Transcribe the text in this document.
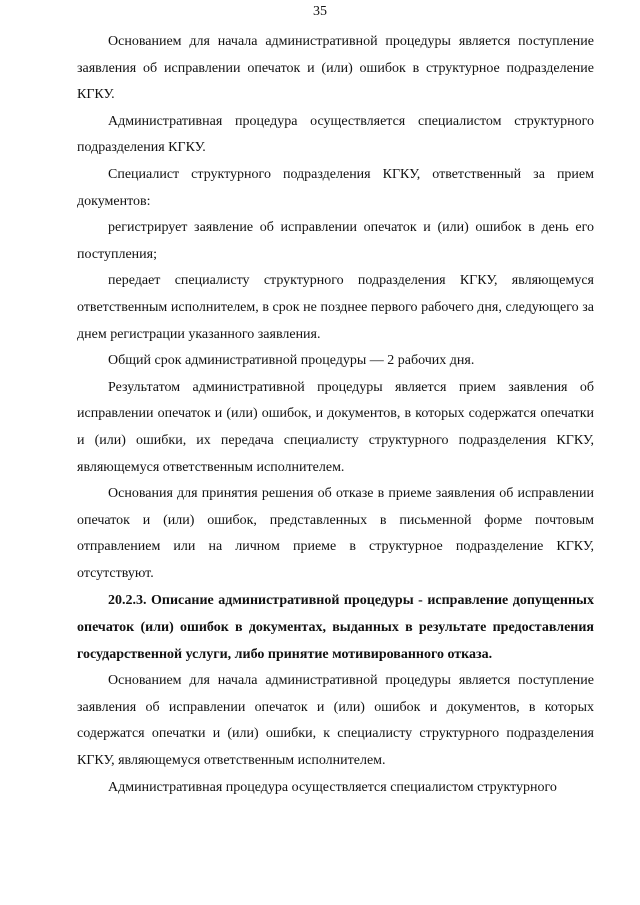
35

Основанием для начала административной процедуры является поступление заявления об исправлении опечаток и (или) ошибок в структурное подразделение КГКУ.

Административная процедура осуществляется специалистом структурного подразделения КГКУ.

Специалист структурного подразделения КГКУ, ответственный за прием документов:

регистрирует заявление об исправлении опечаток и (или) ошибок в день его поступления;

передает специалисту структурного подразделения КГКУ, являющемуся ответственным исполнителем, в срок не позднее первого рабочего дня, следующего за днем регистрации указанного заявления.

Общий срок административной процедуры — 2 рабочих дня.

Результатом административной процедуры является прием заявления об исправлении опечаток и (или) ошибок, и документов, в которых содержатся опечатки и (или) ошибки, их передача специалисту структурного подразделения КГКУ, являющемуся ответственным исполнителем.

Основания для принятия решения об отказе в приеме заявления об исправлении опечаток и (или) ошибок, представленных в письменной форме почтовым отправлением или на личном приеме в структурное подразделение КГКУ, отсутствуют.

20.2.3. Описание административной процедуры - исправление допущенных опечаток (или) ошибок в документах, выданных в результате предоставления государственной услуги, либо принятие мотивированного отказа.

Основанием для начала административной процедуры является поступление заявления об исправлении опечаток и (или) ошибок и документов, в которых содержатся опечатки и (или) ошибки, к специалисту структурного подразделения КГКУ, являющемуся ответственным исполнителем.

Административная процедура осуществляется специалистом структурного
